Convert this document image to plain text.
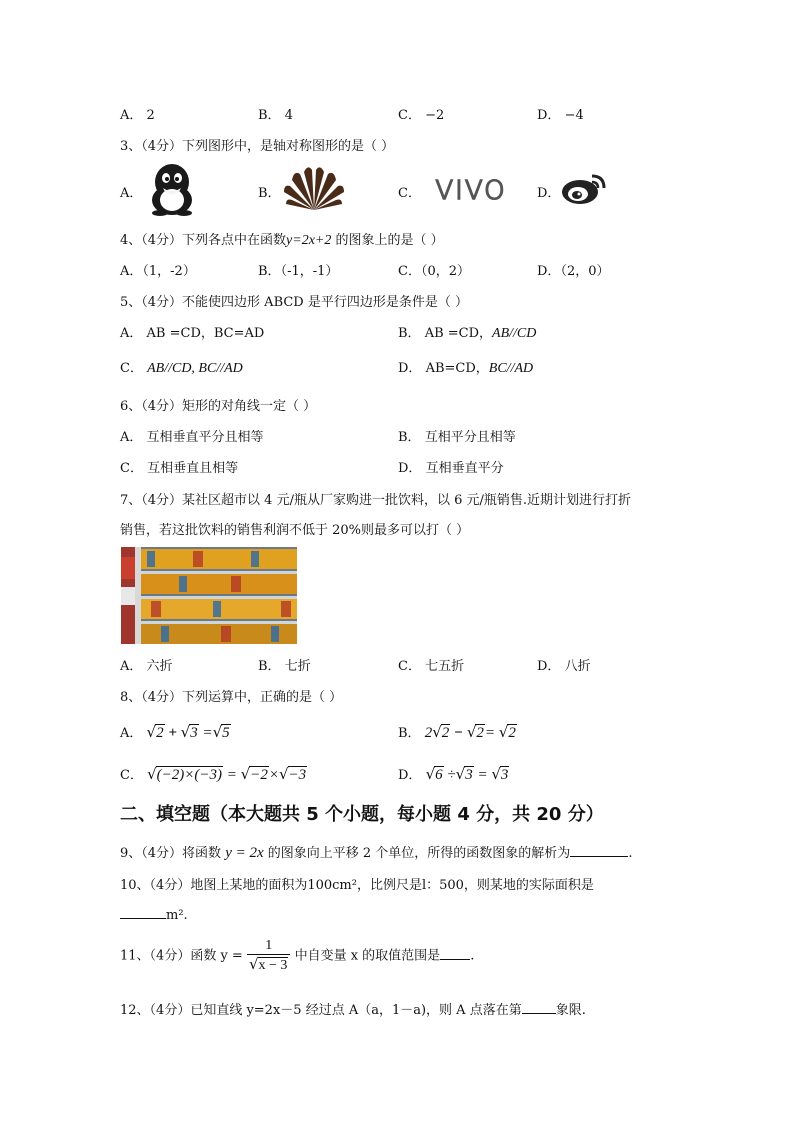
A． 2	B． 4	C． −2	D． −4
3、（4分）下列图形中，是轴对称图形的是（ ）
A．	B．	C． VIVO D．
4、（4分）下列各点中在函数y=2x+2 的图象上的是（ ）
A．（1，-2）	B．（-1，-1）	C．（0，2）	D．（2，0）
5、（4分）不能使四边形 ABCD 是平行四边形是条件是（ ）
A． AB =CD，BC=AD	B． AB =CD，AB//CD
C． AB//CD, BC//AD	D． AB=CD，BC//AD
6、（4分）矩形的对角线一定（ ）
A． 互相垂直平分且相等	B． 互相平分且相等
C． 互相垂直且相等	D． 互相垂直平分
7、（4分）某社区超市以 4 元/瓶从厂家购进一批饮料，以 6 元/瓶销售.近期计划进行打折
销售，若这批饮料的销售利润不低于 20%则最多可以打（ ）
A． 六折	B． 七折	C． 七五折	D． 八折
8、（4分）下列运算中，正确的是（ ）
A． √2 + √3 =√5	B． 2√2 − √2= √2
C． √(−2)×(−3) = √−2×√−3	D． √6 ÷√3 = √3
二、填空题（本大题共 5 个小题，每小题 4 分，共 20 分）
9、（4分）将函数 y = 2x 的图象向上平移 2 个单位，所得的函数图象的解析为	.
10、（4分）地图上某地的面积为100cm²，比例尺是l：500，则某地的实际面积是
m².
11、（4分）函数 $y = \frac{1}{√x - 3}$ 中自变量 x 的取值范围是 .
12、（4分）已知直线 y=2x－5 经过点 A（a，1－a)，则 A 点落在第	象限.
